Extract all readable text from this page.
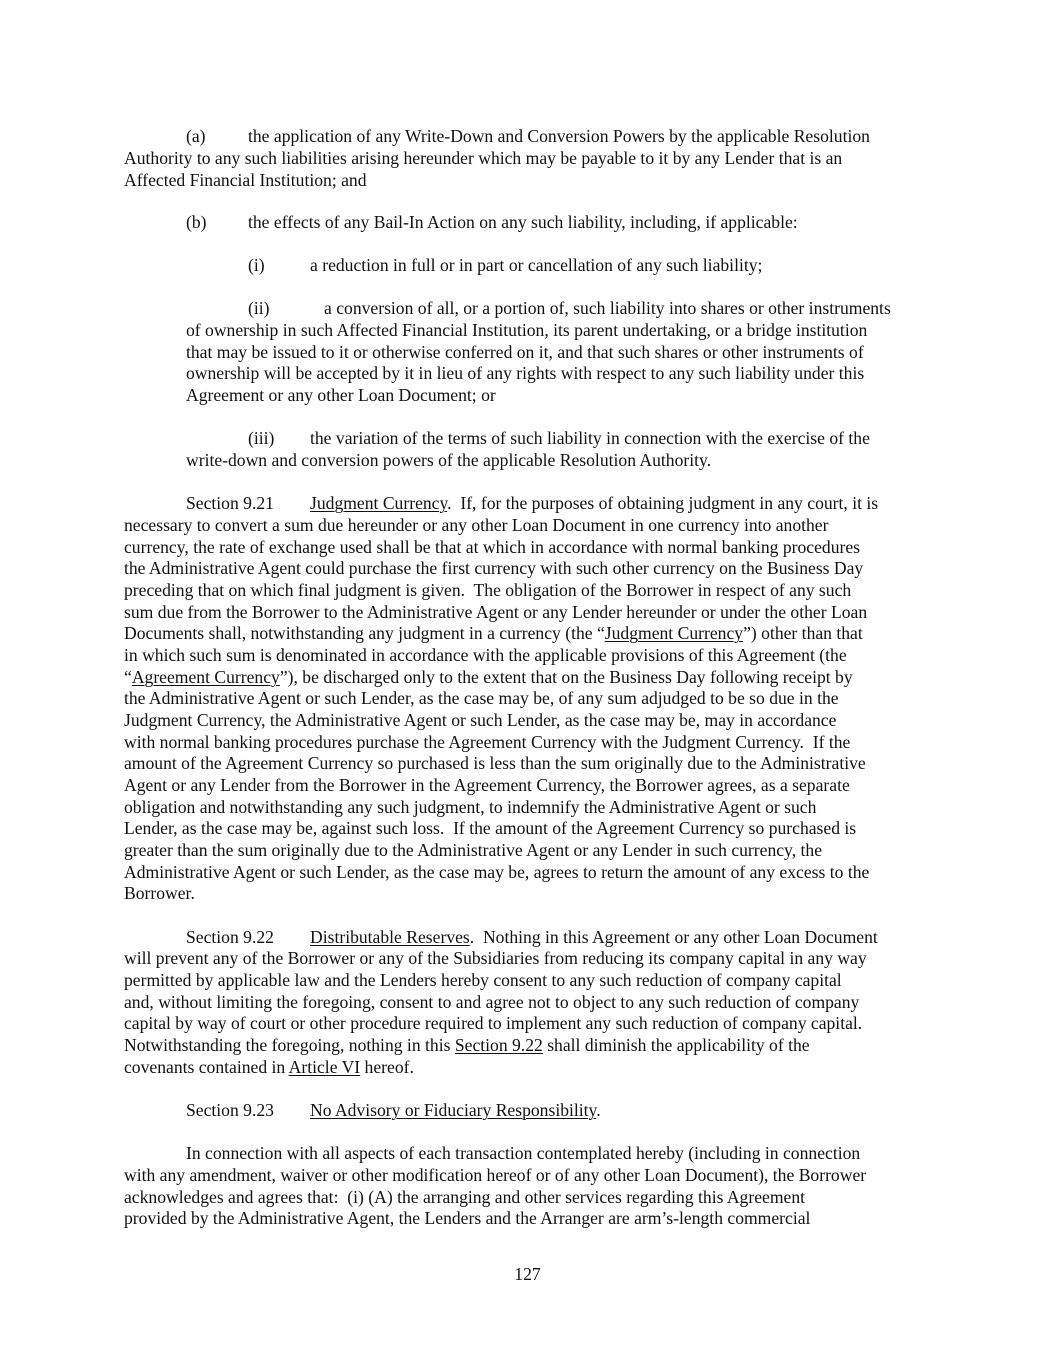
(a) the application of any Write-Down and Conversion Powers by the applicable Resolution
Authority to any such liabilities arising hereunder which may be payable to it by any Lender that is an
Affected Financial Institution; and
(b) the effects of any Bail-In Action on any such liability, including, if applicable:
(i)	a reduction in full or in part or cancellation of any such liability;
(ii)	a conversion of all, or a portion of, such liability into shares or other instruments
of ownership in such Affected Financial Institution, its parent undertaking, or a bridge institution
that may be issued to it or otherwise conferred on it, and that such shares or other instruments of
ownership will be accepted by it in lieu of any rights with respect to any such liability under this
Agreement or any other Loan Document; or
(iii) the variation of the terms of such liability in connection with the exercise of the
write-down and conversion powers of the applicable Resolution Authority.
Section 9.21 Judgment Currency.  If, for the purposes of obtaining judgment in any court, it is
necessary to convert a sum due hereunder or any other Loan Document in one currency into another
currency, the rate of exchange used shall be that at which in accordance with normal banking procedures
the Administrative Agent could purchase the first currency with such other currency on the Business Day
preceding that on which final judgment is given.  The obligation of the Borrower in respect of any such
sum due from the Borrower to the Administrative Agent or any Lender hereunder or under the other Loan
Documents shall, notwithstanding any judgment in a currency (the “Judgment Currency”) other than that
in which such sum is denominated in accordance with the applicable provisions of this Agreement (the
“Agreement Currency”), be discharged only to the extent that on the Business Day following receipt by
the Administrative Agent or such Lender, as the case may be, of any sum adjudged to be so due in the
Judgment Currency, the Administrative Agent or such Lender, as the case may be, may in accordance
with normal banking procedures purchase the Agreement Currency with the Judgment Currency.  If the
amount of the Agreement Currency so purchased is less than the sum originally due to the Administrative
Agent or any Lender from the Borrower in the Agreement Currency, the Borrower agrees, as a separate
obligation and notwithstanding any such judgment, to indemnify the Administrative Agent or such
Lender, as the case may be, against such loss.  If the amount of the Agreement Currency so purchased is
greater than the sum originally due to the Administrative Agent or any Lender in such currency, the
Administrative Agent or such Lender, as the case may be, agrees to return the amount of any excess to the
Borrower.
Section 9.22 Distributable Reserves.  Nothing in this Agreement or any other Loan Document
will prevent any of the Borrower or any of the Subsidiaries from reducing its company capital in any way
permitted by applicable law and the Lenders hereby consent to any such reduction of company capital
and, without limiting the foregoing, consent to and agree not to object to any such reduction of company
capital by way of court or other procedure required to implement any such reduction of company capital.
Notwithstanding the foregoing, nothing in this Section 9.22 shall diminish the applicability of the
covenants contained in Article VI hereof.
Section 9.23 No Advisory or Fiduciary Responsibility.
In connection with all aspects of each transaction contemplated hereby (including in connection
with any amendment, waiver or other modification hereof or of any other Loan Document), the Borrower
acknowledges and agrees that:  (i) (A) the arranging and other services regarding this Agreement
provided by the Administrative Agent, the Lenders and the Arranger are arm’s-length commercial
127
